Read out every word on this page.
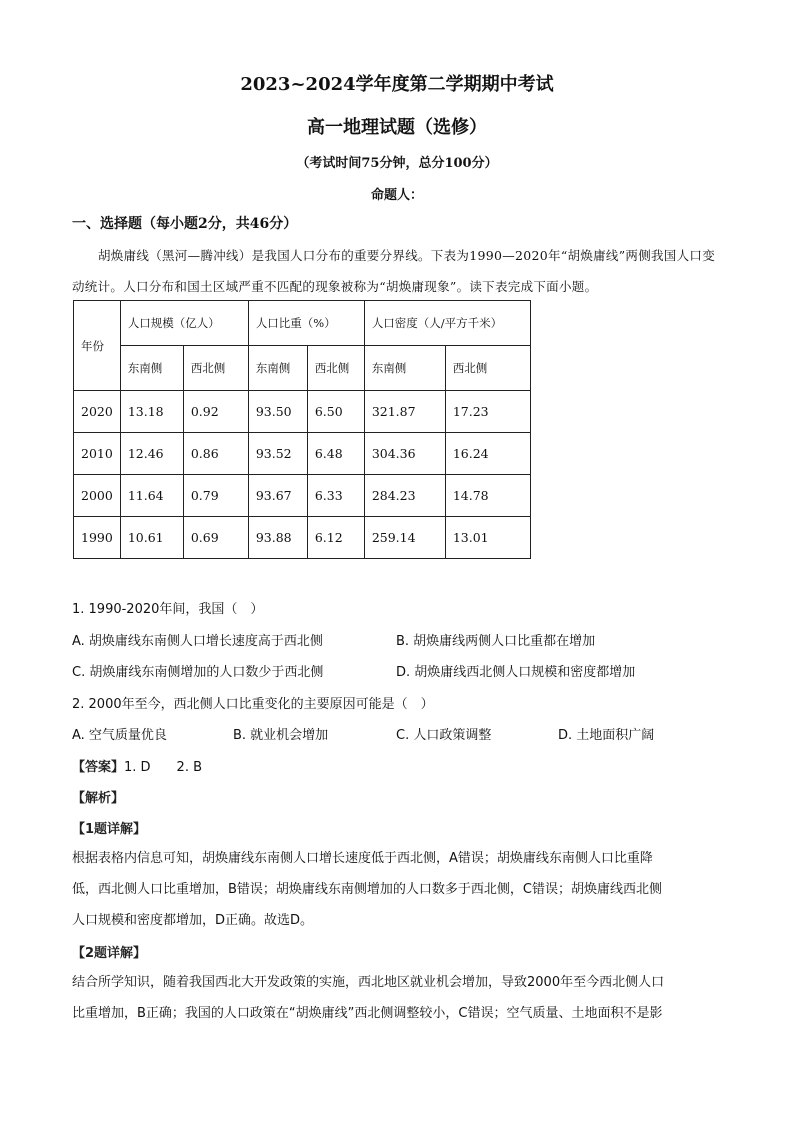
2023~2024学年度第二学期期中考试
高一地理试题（选修）
（考试时间75分钟，总分100分）
命题人：
一、选择题（每小题2分，共46分）
胡焕庸线（黑河—腾冲线）是我国人口分布的重要分界线。下表为1990—2020年“胡焕庸线”两侧我国人口变动统计。人口分布和国土区域严重不匹配的现象被称为“胡焕庸现象”。读下表完成下面小题。
年份	人口规模（亿人）		人口比重（%）		人口密度（人/平方千米）	
	东南侧	西北侧	东南侧	西北侧	东南侧	西北侧
2020	13.18	0.92	93.50	6.50	321.87	17.23
2010	12.46	0.86	93.52	6.48	304.36	16.24
2000	11.64	0.79	93.67	6.33	284.23	14.78
1990	10.61	0.69	93.88	6.12	259.14	13.01
1. 1990-2020年间，我国（　）
A. 胡焕庸线东南侧人口增长速度高于西北侧	B. 胡焕庸线两侧人口比重都在增加
C. 胡焕庸线东南侧增加的人口数少于西北侧	D. 胡焕庸线西北侧人口规模和密度都增加
2. 2000年至今，西北侧人口比重变化的主要原因可能是（　）
A. 空气质量优良	B. 就业机会增加	C. 人口政策调整	D. 土地面积广阔
【答案】1. D　　2. B
【解析】
【1题详解】
根据表格内信息可知，胡焕庸线东南侧人口增长速度低于西北侧，A错误；胡焕庸线东南侧人口比重降
低，西北侧人口比重增加，B错误；胡焕庸线东南侧增加的人口数多于西北侧，C错误；胡焕庸线西北侧
人口规模和密度都增加，D正确。故选D。
【2题详解】
结合所学知识，随着我国西北大开发政策的实施，西北地区就业机会增加，导致2000年至今西北侧人口
比重增加，B正确；我国的人口政策在“胡焕庸线”西北侧调整较小，C错误；空气质量、土地面积不是影
